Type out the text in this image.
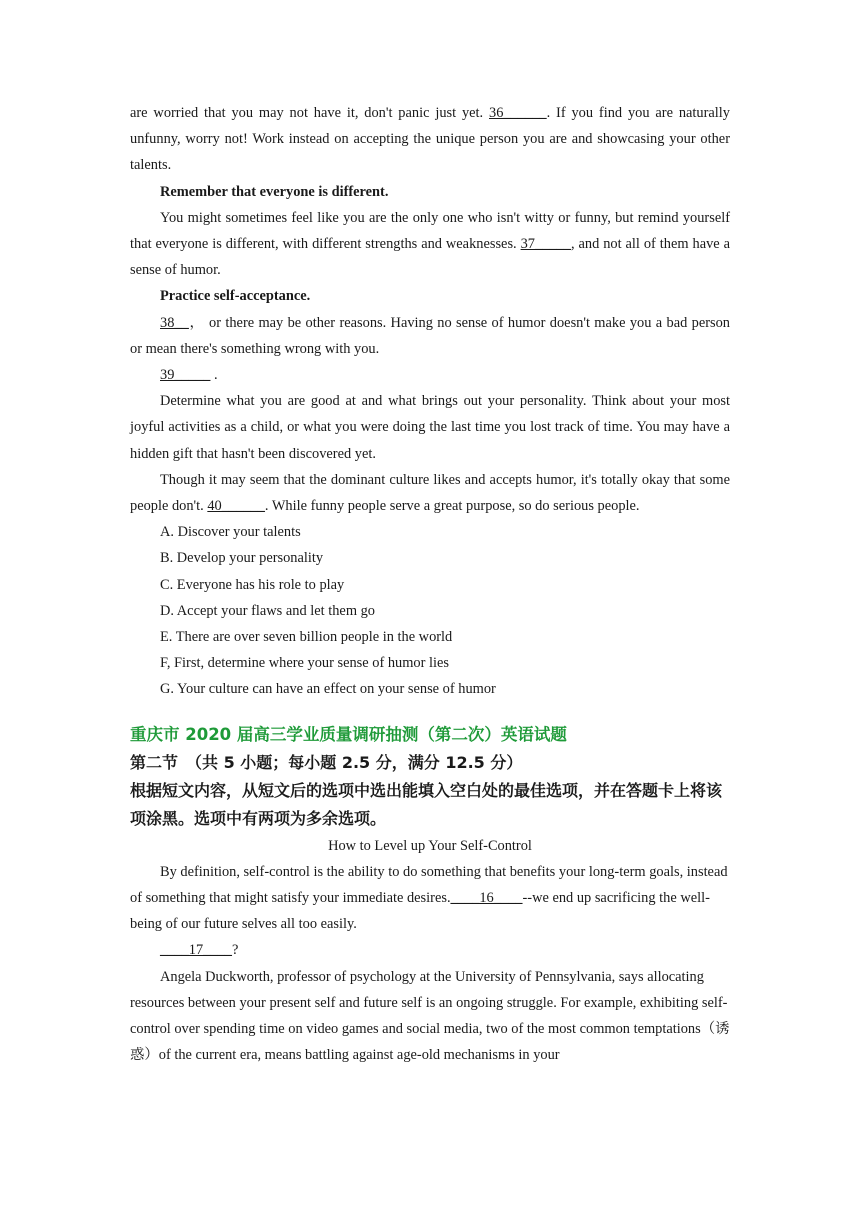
are worried that you may not have it, don't panic just yet. 36______. If you find you are naturally unfunny, worry not! Work instead on accepting the unique person you are and showcasing your other talents.

Remember that everyone is different.

You might sometimes feel like you are the only one who isn't witty or funny, but remind yourself that everyone is different, with different strengths and weaknesses. 37_____, and not all of them have a sense of humor.

Practice self-acceptance.

38__， or there may be other reasons. Having no sense of humor doesn't make you a bad person or mean there's something wrong with you.

39_____ .

Determine what you are good at and what brings out your personality. Think about your most joyful activities as a child, or what you were doing the last time you lost track of time. You may have a hidden gift that hasn't been discovered yet.

Though it may seem that the dominant culture likes and accepts humor, it's totally okay that some people don't. 40______. While funny people serve a great purpose, so do serious people.

A. Discover your talents

B. Develop your personality

C. Everyone has his role to play

D. Accept your flaws and let them go

E. There are over seven billion people in the world

F, First, determine where your sense of humor lies

G. Your culture can have an effect on your sense of humor

重庆市 2020 届高三学业质量调研抽测（第二次）英语试题

第二节　（共 5 小题；每小题 2.5 分，满分 12.5 分）

根据短文内容，从短文后的选项中选出能填入空白处的最佳选项，并在答题卡上将该项涂黑。选项中有两项为多余选项。

How to Level up Your Self-Control

By definition, self-control is the ability to do something that benefits your long-term goals, instead of something that might satisfy your immediate desires.____16____--we end up sacrificing the well-being of our future selves all too easily.

____17____?

Angela Duckworth, professor of psychology at the University of Pennsylvania, says allocating resources between your present self and future self is an ongoing struggle. For example, exhibiting self-control over spending time on video games and social media, two of the most common temptations（诱惑）of the current era, means battling against age-old mechanisms in your
